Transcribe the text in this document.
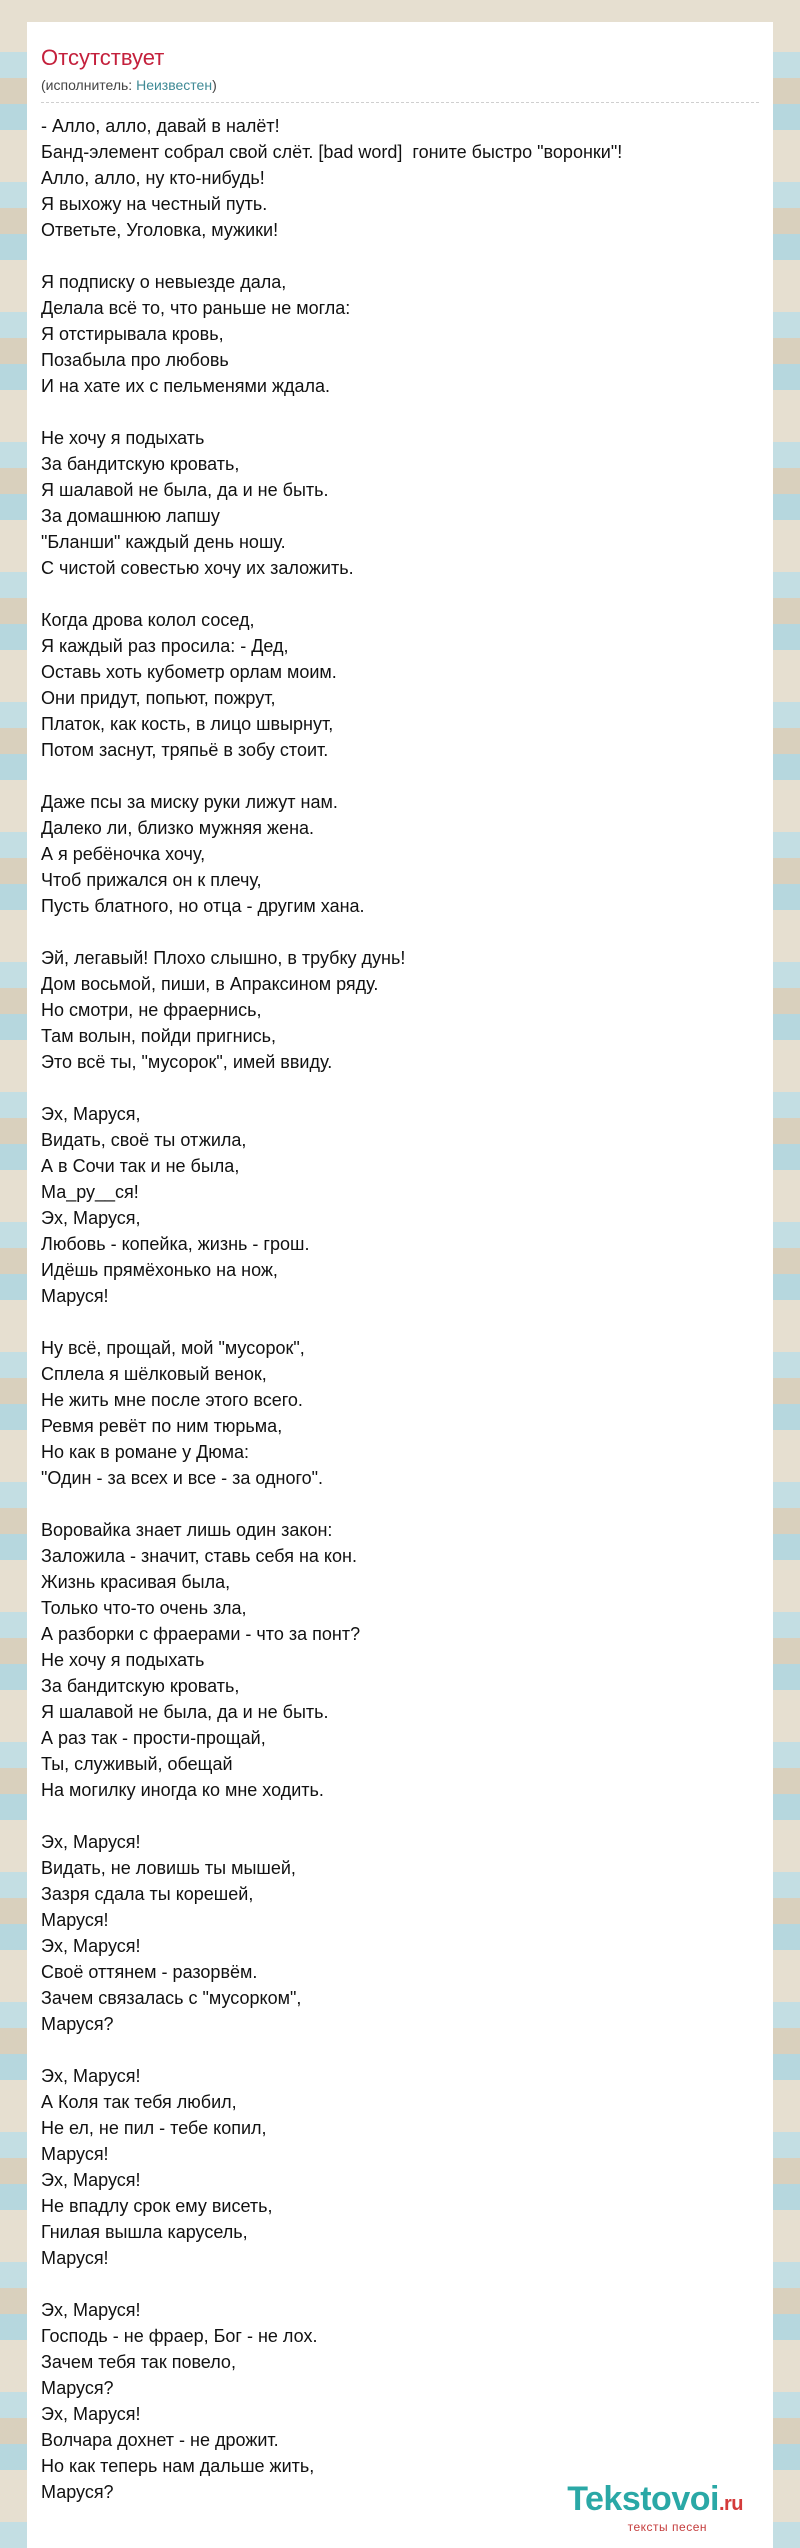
Отсутствует
(исполнитель: Неизвестен)
- Алло, алло, давай в налёт!
Банд-элемент собрал свой слёт. [bad word]  гоните быстро "воронки"!
Алло, алло, ну кто-нибудь!
Я выхожу на честный путь.
Ответьте, Уголовка, мужики!
Я подписку о невыезде дала,
Делала всё то, что раньше не могла:
Я отстирывала кровь,
Позабыла про любовь
И на хате их с пельменями ждала.
Не хочу я подыхать
За бандитскую кровать,
Я шалавой не была, да и не быть.
За домашнюю лапшу
"Бланши" каждый день ношу.
С чистой совестью хочу их заложить.
Когда дрова колол сосед,
Я каждый раз просила: - Дед,
Оставь хоть кубометр орлам моим.
Они придут, попьют, пожрут,
Платок, как кость, в лицо швырнут,
Потом заснут, тряпьё в зобу стоит.
Даже псы за миску руки лижут нам.
Далеко ли, близко мужняя жена.
А я ребёночка хочу,
Чтоб прижался он к плечу,
Пусть блатного, но отца - другим хана.
Эй, легавый! Плохо слышно, в трубку дунь!
Дом восьмой, пиши, в Апраксином ряду.
Но смотри, не фраернись,
Там волын, пойди пригнись,
Это всё ты, "мусорок", имей ввиду.
Эх, Маруся,
Видать, своё ты отжила,
А в Сочи так и не была,
Ма_ру__ся!
Эх, Маруся,
Любовь - копейка, жизнь - грош.
Идёшь прямёхонько на нож,
Маруся!
Ну всё, прощай, мой "мусорок",
Сплела я шёлковый венок,
Не жить мне после этого всего.
Ревмя ревёт по ним тюрьма,
Но как в романе у Дюма:
"Один - за всех и все - за одного".
Воровайка знает лишь один закон:
Заложила - значит, ставь себя на кон.
Жизнь красивая была,
Только что-то очень зла,
А разборки с фраерами - что за понт?
Не хочу я подыхать
За бандитскую кровать,
Я шалавой не была, да и не быть.
А раз так - прости-прощай,
Ты, служивый, обещай
На могилку иногда ко мне ходить.
Эх, Маруся!
Видать, не ловишь ты мышей,
Зазря сдала ты корешей,
Маруся!
Эх, Маруся!
Своё оттянем - разорвём.
Зачем связалась с "мусорком",
Маруся?
Эх, Маруся!
А Коля так тебя любил,
Не ел, не пил - тебе копил,
Маруся!
Эх, Маруся!
Не впадлу срок ему висеть,
Гнилая вышла карусель,
Маруся!
Эх, Маруся!
Господь - не фраер, Бог - не лох.
Зачем тебя так повело,
Маруся?
Эх, Маруся!
Волчара дохнет - не дрожит.
Но как теперь нам дальше жить,
Маруся?	Tekstovoi.ru
тексты песен
